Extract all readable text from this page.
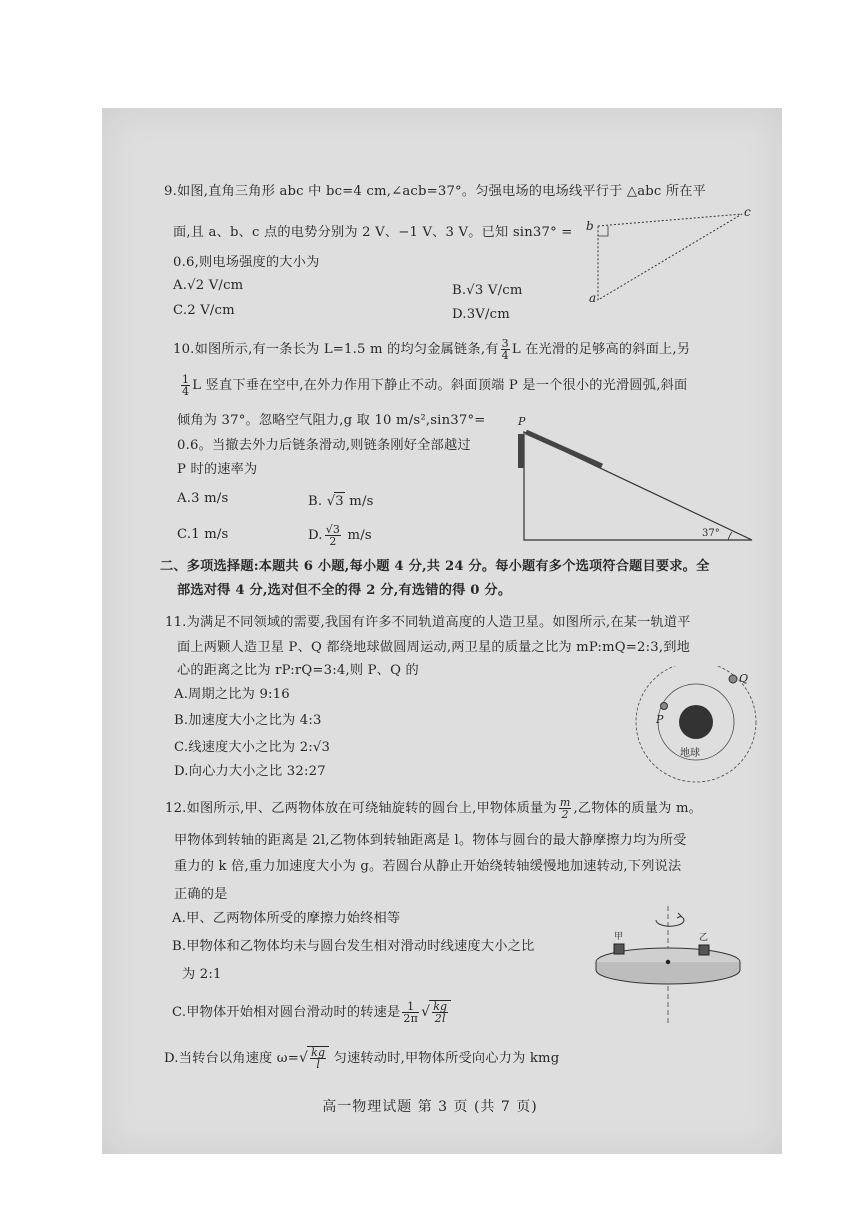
9.如图,直角三角形 abc 中 bc=4 cm,∠acb=37°。匀强电场的电场线平行于 △abc 所在平
面,且 a、b、c 点的电势分别为 2 V、−1 V、3 V。已知 sin37° =
0.6,则电场强度的大小为
A.√2 V/cm	B.√3 V/cm
C.2 V/cm	D.3V/cm
b
c
a
10.如图所示,有一条长为 L=1.5 m 的均匀金属链条,有 $\frac{3}{4}$ L 在光滑的足够高的斜面上,另
$\frac{1}{4}$ L 竖直下垂在空中,在外力作用下静止不动。斜面顶端 P 是一个很小的光滑圆弧,斜面
倾角为 37°。忽略空气阻力,g 取 10 m/s²,sin37°=
0.6。当撤去外力后链条滑动,则链条刚好全部越过
P 时的速率为
A.3 m/s	B. √3 m/s
C.1 m/s	D. $\frac{√3}{2} m/s$
P
37°
二、多项选择题:本题共 6 小题,每小题 4 分,共 24 分。每小题有多个选项符合题目要求。全
部选对得 4 分,选对但不全的得 2 分,有选错的得 0 分。
11.为满足不同领域的需要,我国有许多不同轨道高度的人造卫星。如图所示,在某一轨道平
面上两颗人造卫星 P、Q 都绕地球做圆周运动,两卫星的质量之比为 mP:mQ=2:3,到地
心的距离之比为 rP:rQ=3:4,则 P、Q 的
A.周期之比为 9:16
B.加速度大小之比为 4:3
C.线速度大小之比为 2:√3
D.向心力大小之比 32:27
Q
P
地球
12.如图所示,甲、乙两物体放在可绕轴旋转的圆台上,甲物体质量为 $\frac{m}{2}$ ,乙物体的质量为 m。
甲物体到转轴的距离是 2l,乙物体到转轴距离是 l。物体与圆台的最大静摩擦力均为所受
重力的 k 倍,重力加速度大小为 g。若圆台从静止开始绕转轴缓慢地加速转动,下列说法
正确的是
A.甲、乙两物体所受的摩擦力始终相等
B.甲物体和乙物体均未与圆台发生相对滑动时线速度大小之比
为 2:1
C.甲物体开始相对圆台滑动时的转速是 $\frac{1}{2\pi}$ √ $\frac{kg}{2l}$
D.当转台以角速度 $\omega=√ \frac{kg}{l}$ 匀速转动时,甲物体所受向心力为 kmg
甲	乙
高一物理试题 第 3 页 (共 7 页)
